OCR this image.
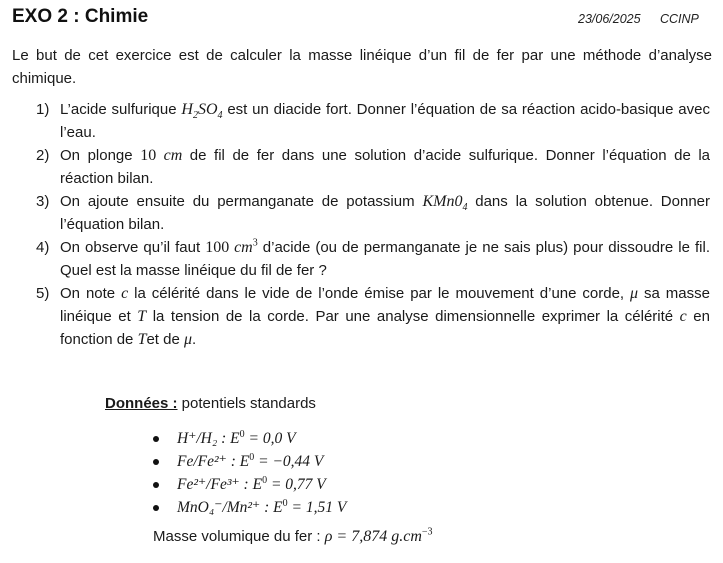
EXO 2 : Chimie	23/06/2025 CCINP

Le but de cet exercice est de calculer la masse linéique d’un fil de fer par une méthode d’analyse chimique.

1) L’acide sulfurique $H_2SO_4$ est un diacide fort. Donner l’équation de sa réaction acido-basique avec l’eau.
2) On plonge 10 cm de fil de fer dans une solution d’acide sulfurique. Donner l’équation de la réaction bilan.
3) On ajoute ensuite du permanganate de potassium $KMn0_4$ dans la solution obtenue. Donner l’équation bilan.
4) On observe qu’il faut 100 $cm^3$ d’acide (ou de permanganate je ne sais plus) pour dissoudre le fil. Quel est la masse linéique du fil de fer ?
5) On note c la célérité dans le vide de l’onde émise par le mouvement d’une corde, μ sa masse linéique et T la tension de la corde. Par une analyse dimensionnelle exprimer la célérité c en fonction de Tet de μ.
Données : potentiels standards
H⁺/H₂ : $E^0 = 0,0$ V
Fe/Fe²⁺ : $E^0 = -0,44$ V
Fe²⁺/Fe³⁺ : $E^0 = 0,77$ V
MnO₄⁻/Mn²⁺ : $E^0 = 1,51$ V
Masse volumique du fer : ρ = 7,874 $g.cm^{-3}$
